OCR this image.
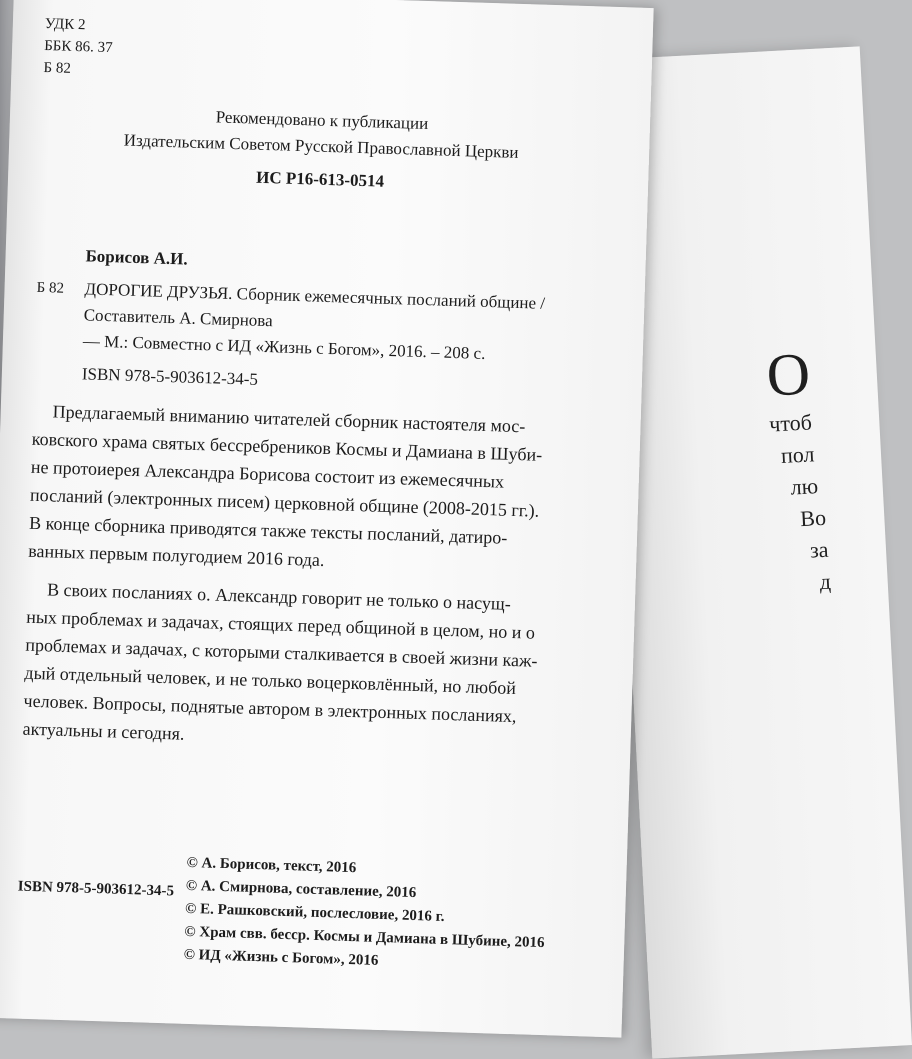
О
чтоб
пол
лю
Во
за
д
УДК 2
ББК 86. 37
Б 82
Рекомендовано к публикации
Издательским Советом Русской Православной Церкви
ИС Р16-613-0514
Борисов А.И.
Б 82	ДОРОГИЕ ДРУЗЬЯ. Сборник ежемесячных посланий общине /
Составитель А. Смирнова
— М.: Совместно с ИД «Жизнь с Богом», 2016. – 208 с.
ISBN 978-5-903612-34-5

Предлагаемый вниманию читателей сборник настоятеля мос-
ковского храма святых бессребреников Космы и Дамиана в Шуби-
не протоиерея Александра Борисова состоит из ежемесячных
посланий (электронных писем) церковной общине (2008-2015 гг.).
В конце сборника приводятся также тексты посланий, датиро-
ванных первым полугодием 2016 года.

В своих посланиях о. Александр говорит не только о насущ-
ных проблемах и задачах, стоящих перед общиной в целом, но и о
проблемах и задачах, с которыми сталкивается в своей жизни каж-
дый отдельный человек, и не только воцерковлённый, но любой
человек. Вопросы, поднятые автором в электронных посланиях,
актуальны и сегодня.

© А. Борисов, текст, 2016
© А. Смирнова, составление, 2016
© Е. Рашковский, послесловие, 2016 г.
© Храм свв. бесср. Космы и Дамиана в Шубине, 2016
© ИД «Жизнь с Богом», 2016
ISBN 978-5-903612-34-5
